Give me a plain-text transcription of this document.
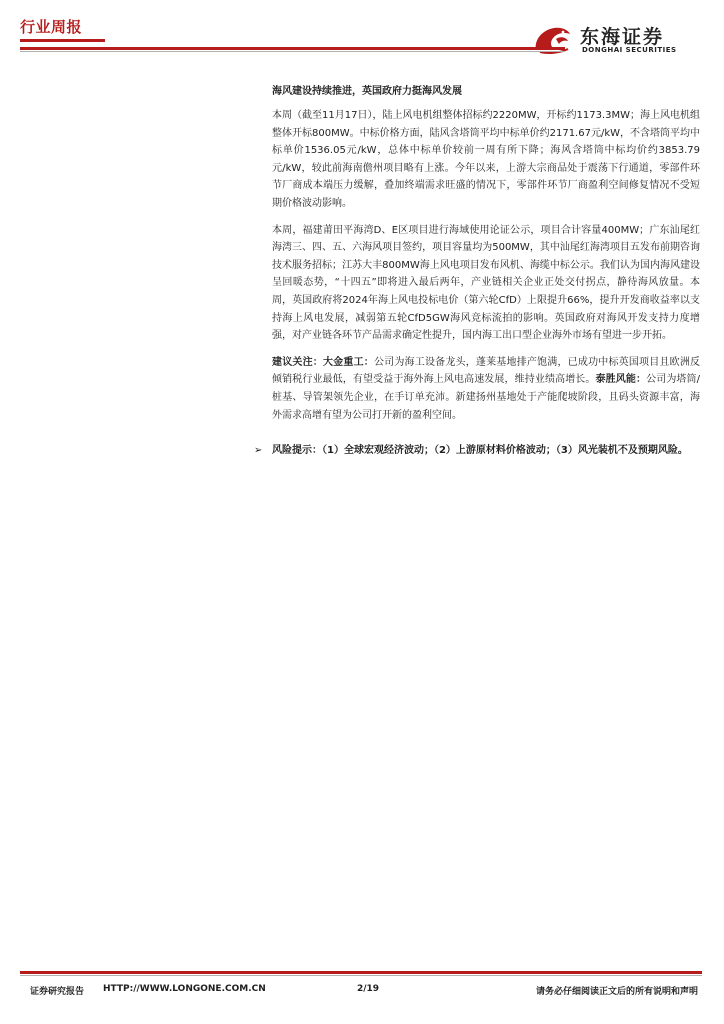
行业周报	东海证券
DONGHAI SECURITIES
海风建设持续推进，英国政府力挺海风发展

本周（截至11月17日），陆上风电机组整体招标约2220MW，开标约1173.3MW；海上风电机组整体开标800MW。中标价格方面，陆风含塔筒平均中标单价约2171.67元/kW，不含塔筒平均中标单价1536.05元/kW，总体中标单价较前一周有所下降；海风含塔筒中标均价约3853.79元/kW，较此前海南儋州项目略有上涨。今年以来，上游大宗商品处于震荡下行通道，零部件环节厂商成本端压力缓解，叠加终端需求旺盛的情况下，零部件环节厂商盈利空间修复情况不受短期价格波动影响。

本周，福建莆田平海湾D、E区项目进行海域使用论证公示，项目合计容量400MW；广东汕尾红海湾三、四、五、六海风项目签约，项目容量均为500MW，其中汕尾红海湾项目五发布前期咨询技术服务招标；江苏大丰800MW海上风电项目发布风机、海缆中标公示。我们认为国内海风建设呈回暖态势，“十四五”即将进入最后两年，产业链相关企业正处交付拐点，静待海风放量。本周，英国政府将2024年海上风电投标电价（第六轮CfD）上限提升66%，提升开发商收益率以支持海上风电发展，减弱第五轮CfD5GW海风竞标流拍的影响。英国政府对海风开发支持力度增强，对产业链各环节产品需求确定性提升，国内海工出口型企业海外市场有望进一步开拓。

建议关注：大金重工：公司为海工设备龙头，蓬莱基地排产饱满，已成功中标英国项目且欧洲反倾销税行业最低，有望受益于海外海上风电高速发展，维持业绩高增长。泰胜风能：公司为塔筒/桩基、导管架领先企业，在手订单充沛。新建扬州基地处于产能爬坡阶段，且码头资源丰富，海外需求高增有望为公司打开新的盈利空间。

➢ 风险提示：（1）全球宏观经济波动；（2）上游原材料价格波动；（3）风光装机不及预期风险。
证券研究报告 HTTP://WWW.LONGONE.COM.CN	2/19	请务必仔细阅读正文后的所有说明和声明
